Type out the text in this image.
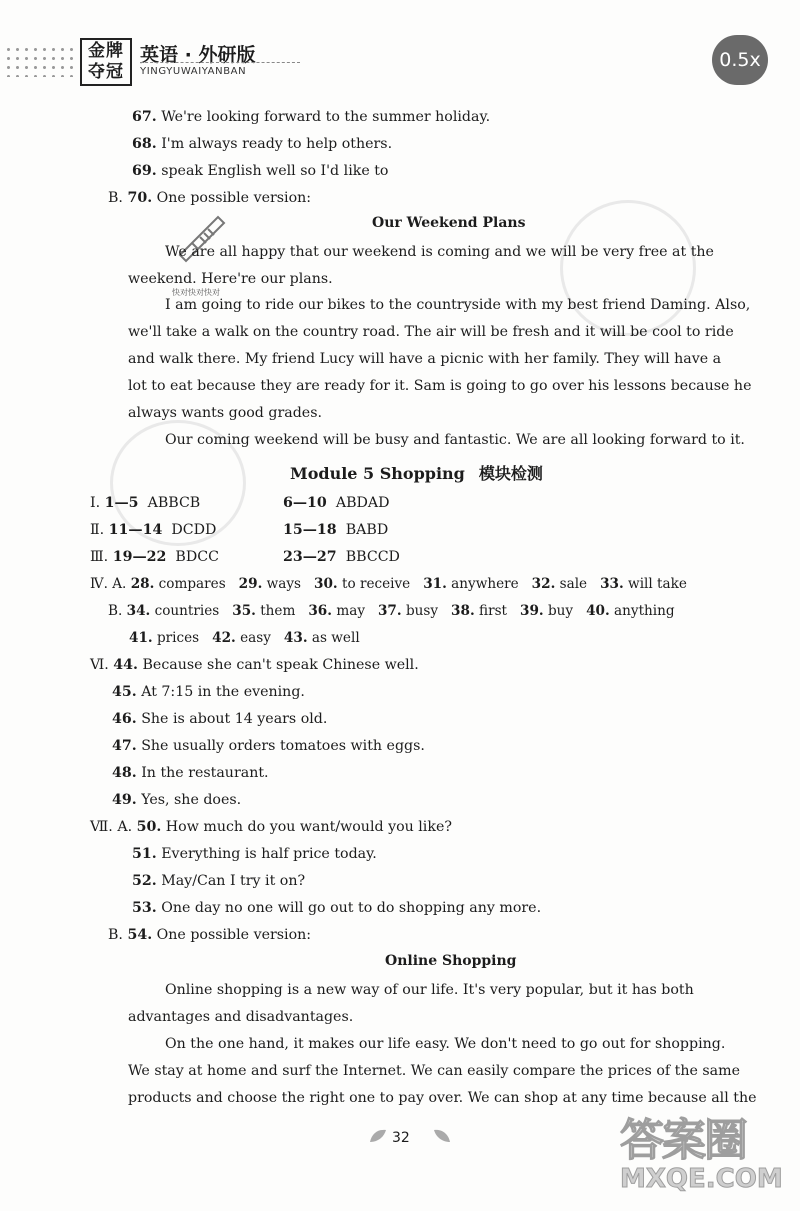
金牌
夺冠
英语 · 外研版
YINGYUWAIYANBAN
0.5x
快对快对快对
67. We're looking forward to the summer holiday.
68. I'm always ready to help others.
69. speak English well so I'd like to
B. 70. One possible version:
Our Weekend Plans
We are all happy that our weekend is coming and we will be very free at the
weekend. Here're our plans.
I am going to ride our bikes to the countryside with my best friend Daming. Also,
we'll take a walk on the country road. The air will be fresh and it will be cool to ride
and walk there. My friend Lucy will have a picnic with her family. They will have a
lot to eat because they are ready for it. Sam is going to go over his lessons because he
always wants good grades.
Our coming weekend will be busy and fantastic. We are all looking forward to it.
Module 5 Shopping 模块检测
Ⅰ. 1—5 ABBCB	6—10 ABDAD
Ⅱ. 11—14 DCDD	15—18 BABD
Ⅲ. 19—22 BDCC	23—27 BBCCD
Ⅳ. A. 28. compares 29. ways 30. to receive 31. anywhere 32. sale 33. will take
B. 34. countries 35. them 36. may 37. busy 38. first 39. buy 40. anything
41. prices 42. easy 43. as well
Ⅵ. 44. Because she can't speak Chinese well.
45. At 7:15 in the evening.
46. She is about 14 years old.
47. She usually orders tomatoes with eggs.
48. In the restaurant.
49. Yes, she does.
Ⅶ. A. 50. How much do you want/would you like?
51. Everything is half price today.
52. May/Can I try it on?
53. One day no one will go out to do shopping any more.
B. 54. One possible version:
Online Shopping
Online shopping is a new way of our life. It's very popular, but it has both
advantages and disadvantages.
On the one hand, it makes our life easy. We don't need to go out for shopping.
We stay at home and surf the Internet. We can easily compare the prices of the same
products and choose the right one to pay over. We can shop at any time because all the
32	答案圈
MXQE.COM
